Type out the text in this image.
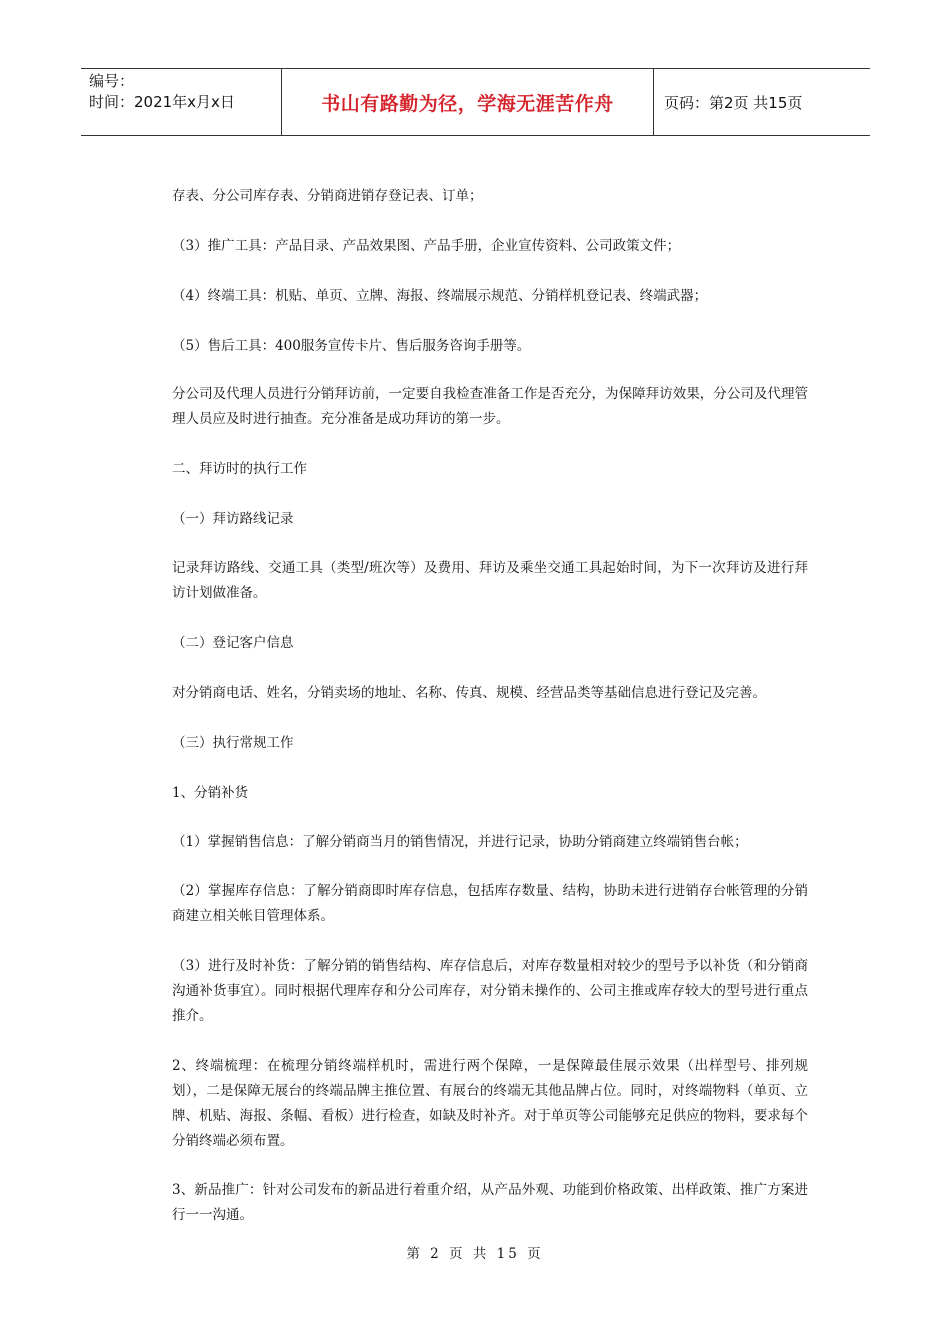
编号：
时间：2021年x月x日	书山有路勤为径，学海无涯苦作舟	页码：第2页 共15页

存表、分公司库存表、分销商进销存登记表、订单；

（3）推广工具：产品目录、产品效果图、产品手册，企业宣传资料、公司政策文件；

（4）终端工具：机贴、单页、立牌、海报、终端展示规范、分销样机登记表、终端武器；

（5）售后工具：400服务宣传卡片、售后服务咨询手册等。

分公司及代理人员进行分销拜访前，一定要自我检查准备工作是否充分，为保障拜访效果，分公司及代理管理人员应及时进行抽查。充分准备是成功拜访的第一步。

二、拜访时的执行工作

（一）拜访路线记录

记录拜访路线、交通工具（类型/班次等）及费用、拜访及乘坐交通工具起始时间，为下一次拜访及进行拜访计划做准备。

（二）登记客户信息

对分销商电话、姓名，分销卖场的地址、名称、传真、规模、经营品类等基础信息进行登记及完善。

（三）执行常规工作

1、分销补货

（1）掌握销售信息：了解分销商当月的销售情况，并进行记录，协助分销商建立终端销售台帐；

（2）掌握库存信息：了解分销商即时库存信息，包括库存数量、结构，协助未进行进销存台帐管理的分销商建立相关帐目管理体系。

（3）进行及时补货：了解分销的销售结构、库存信息后，对库存数量相对较少的型号予以补货（和分销商沟通补货事宜）。同时根据代理库存和分公司库存，对分销未操作的、公司主推或库存较大的型号进行重点推介。

2、终端梳理：在梳理分销终端样机时，需进行两个保障，一是保障最佳展示效果（出样型号、排列规划），二是保障无展台的终端品牌主推位置、有展台的终端无其他品牌占位。同时，对终端物料（单页、立牌、机贴、海报、条幅、看板）进行检查，如缺及时补齐。对于单页等公司能够充足供应的物料，要求每个分销终端必须布置。

3、新品推广：针对公司发布的新品进行着重介绍，从产品外观、功能到价格政策、出样政策、推广方案进行一一沟通。

第 2 页 共 15 页
